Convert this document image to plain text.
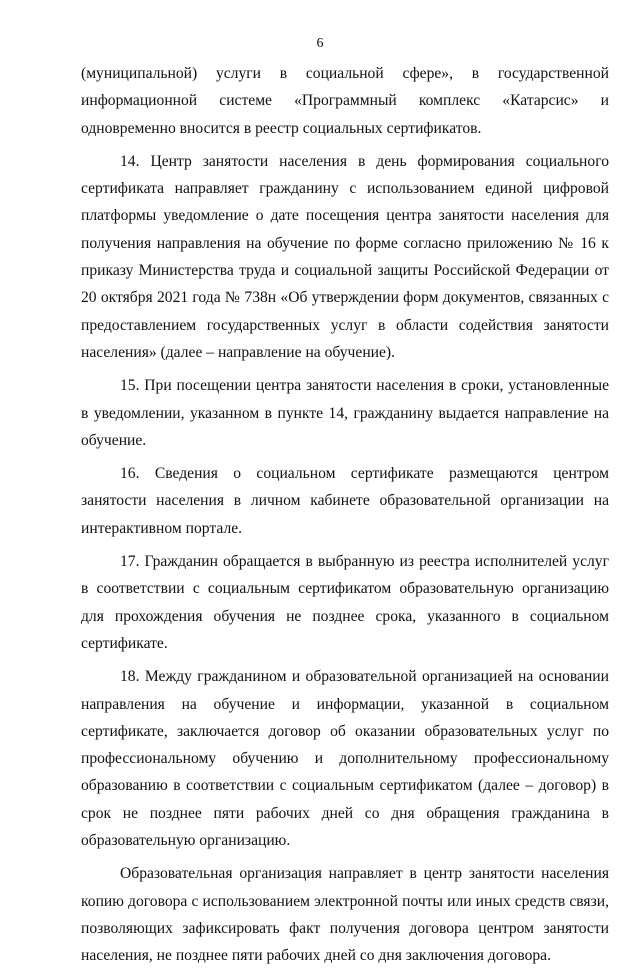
6

(муниципальной) услуги в социальной сфере», в государственной информационной системе «Программный комплекс «Катарсис» и одновременно вносится в реестр социальных сертификатов.

14. Центр занятости населения в день формирования социального сертификата направляет гражданину с использованием единой цифровой платформы уведомление о дате посещения центра занятости населения для получения направления на обучение по форме согласно приложению № 16 к приказу Министерства труда и социальной защиты Российской Федерации от 20 октября 2021 года № 738н «Об утверждении форм документов, связанных с предоставлением государственных услуг в области содействия занятости населения» (далее – направление на обучение).

15. При посещении центра занятости населения в сроки, установленные в уведомлении, указанном в пункте 14, гражданину выдается направление на обучение.

16. Сведения о социальном сертификате размещаются центром занятости населения в личном кабинете образовательной организации на интерактивном портале.

17. Гражданин обращается в выбранную из реестра исполнителей услуг в соответствии с социальным сертификатом образовательную организацию для прохождения обучения не позднее срока, указанного в социальном сертификате.

18. Между гражданином и образовательной организацией на основании направления на обучение и информации, указанной в социальном сертификате, заключается договор об оказании образовательных услуг по профессиональному обучению и дополнительному профессиональному образованию в соответствии с социальным сертификатом (далее – договор) в срок не позднее пяти рабочих дней со дня обращения гражданина в образовательную организацию.

Образовательная организация направляет в центр занятости населения копию договора с использованием электронной почты или иных средств связи, позволяющих зафиксировать факт получения договора центром занятости населения, не позднее пяти рабочих дней со дня заключения договора.
